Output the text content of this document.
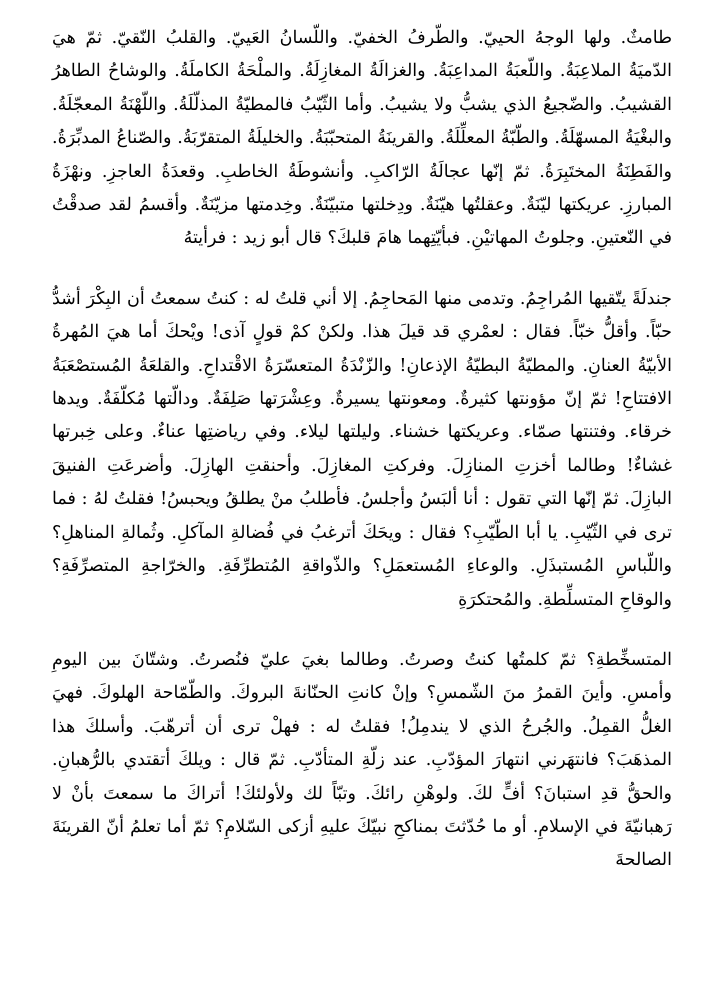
طامثٌ. ولها الوجهُ الحييّ. والطّرفُ الخفيّ. واللّسانُ العَييّ. والقلبُ النّقيّ. ثمّ هيَ الدّميَةُ الملاعِبَةُ. واللّعبَةُ المداعِبَةُ. والغزالَةُ المغازِلَةُ. والملْحَةُ الكاملَةُ. والوشاحُ الطاهرُ القشيبُ. والضّجيعُ الذي يشبُّ ولا يشيبُ. وأما الثّيّبُ فالمطيّةُ المذلّلَةُ. واللّهْنَةُ المعجّلَةُ. والبغْيَةُ المسهّلَةُ. والطّبّةُ المعلِّلَةُ. والقرينَةُ المتحبّبَةُ. والخليلَةُ المتقرّبَةُ. والصّناعُ المدبِّرَةُ. والفَطِنَةُ المختَبِرَةُ. ثمّ إنّها عجالَةُ الرّاكبِ. وأنشوطَةُ الخاطبِ. وقعدَةُ العاجزِ. ونهْزَةُ المبارزِ. عريكتها ليّنَةٌ. وعقلتُها هيّنَةٌ. ودِخلتها متبيّنَةٌ. وخِدمتها مزيّنَةٌ. وأقسمُ لقد صدقْتُ في النّعتينِ. وجلوتُ المهاتيْنِ. فبأيّتِهما هامَ قلبكَ؟ قال أبو زيد : فرأيتهُ

جندلَةً يتّقيها المُراجِمُ. وتدمى منها المَحاجِمُ. إلا أني قلتُ له : كنتُ سمعتُ أن البِكْرَ أشدُّ حبّاً. وأقلُّ خبّاً. فقال : لعمْري قد قيلَ هذا. ولكنْ كمْ قولٍ آذى! ويْحكَ أما هيَ المُهرةُ الأبيّةُ العنانِ. والمطيّةُ البطيّةُ الإذعانِ! والزّنْدَةُ المتعسّرَةُ الاقْتداحِ. والقلعَةُ المُستصْعَبَةُ الافتتاحِ! ثمّ إنّ مؤونتها كثيرةٌ. ومعونتها يسيرةٌ. وعِشْرَتها صَلِفَةٌ. ودالّتها مُكلّفَةٌ. ويدها خرقاء. وفتنتها صمّاء. وعريكتها خشناء. وليلتها ليلاء. وفي رياضتِها عناءٌ. وعلى خِبرتها غشاءٌ! وطالما أخزتِ المنازِلَ. وفركتِ المغازِلَ. وأحنقتِ الهازِلَ. وأضرعَتِ الفنيقَ البازِلَ. ثمّ إنّها التي تقول : أنا ألبَسُ وأجلسُ. فأطلبُ منْ يطلقُ ويحبسُ! فقلتُ لهُ : فما ترى في الثّيّبِ. يا أبا الطّيّبِ؟ فقال : ويحَكَ أترغبُ في فُضالةِ المآكلِ. وثُمالةِ المناهلِ؟ واللّباسِ المُستبذَلِ. والوعاءِ المُستعمَلِ؟ والذّواقةِ المُتطرِّفَةِ. والخرّاجةِ المتصرِّفَةِ؟ والوقاحِ المتسلِّطةِ. والمُحتكرَةِ

المتسخِّطةِ؟ ثمّ كلمتُها كنتُ وصرتُ. وطالما بغيَ عليّ فنُصرتُ. وشتّانَ بين اليومِ وأمسِ. وأينَ القمرُ منَ الشّمسِ؟ وإنْ كانتِ الحنّانةَ البروكَ. والطّمّاحة الهلوكَ. فهيَ الغلُّ القمِلُ. والجُرحُ الذي لا يندمِلُ! فقلتُ له : فهلْ ترى أن أترهّبَ. وأسلكَ هذا المذهَبَ؟ فانتهَرني انتهارَ المؤدّبِ. عند زلّةِ المتأدّبِ. ثمّ قال : ويلكَ أتقتدي بالرُّهبانِ. والحقُّ قدِ استبانَ؟ أفٍّ لكَ. ولوهْنِ رائكَ. وتبّاً لك ولأولئكَ! أتراكَ ما سمعتَ بأنْ لا رَهبانيّةَ في الإسلامِ. أو ما حُدّثتَ بمناكحِ نبيّكَ عليهِ أزكى السّلامِ؟ ثمّ أما تعلمُ أنّ القرينَةَ الصالحةَ
